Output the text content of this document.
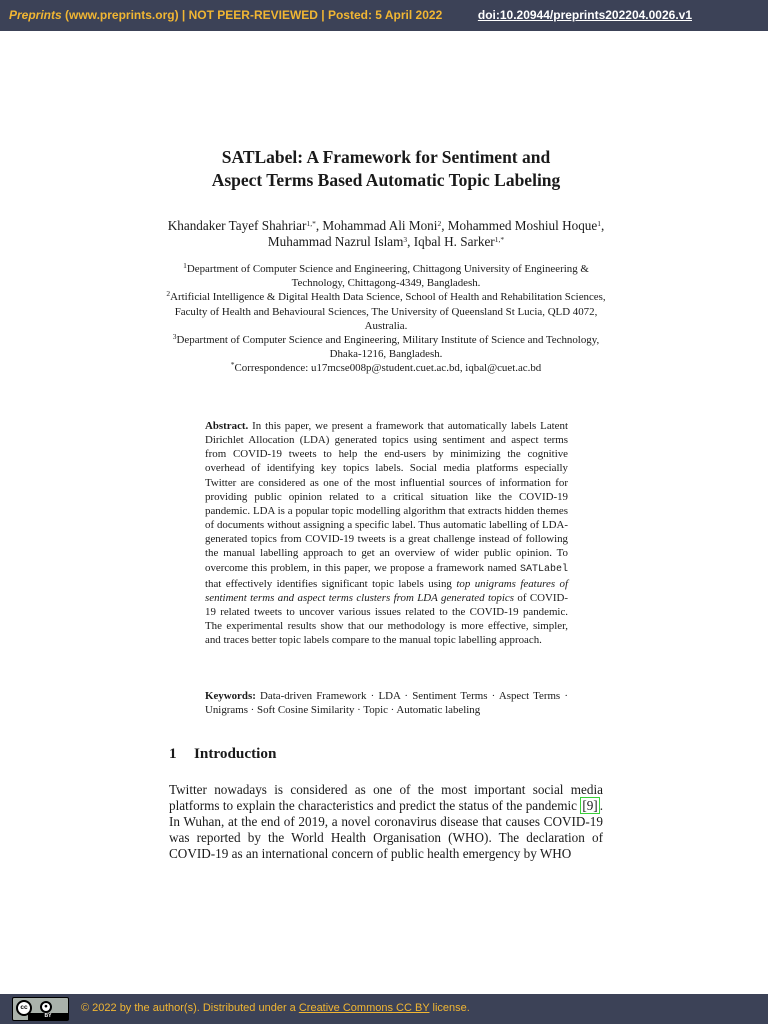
Preprints (www.preprints.org) | NOT PEER-REVIEWED | Posted: 5 April 2022	doi:10.20944/preprints202204.0026.v1
SATLabel: A Framework for Sentiment and
Aspect Terms Based Automatic Topic Labeling
Khandaker Tayef Shahriar$^{1,*}$, Mohammad Ali Moni$^2$, Mohammed Moshiul Hoque$^1$, Muhammad Nazrul Islam$^3$, Iqbal H. Sarker$^{1,*}$
$^1$Department of Computer Science and Engineering, Chittagong University of Engineering & Technology, Chittagong-4349, Bangladesh.
$^2$Artificial Intelligence & Digital Health Data Science, School of Health and Rehabilitation Sciences, Faculty of Health and Behavioural Sciences, The University of Queensland St Lucia, QLD 4072, Australia.
$^3$Department of Computer Science and Engineering, Military Institute of Science and Technology, Dhaka-1216, Bangladesh.
*Correspondence: u17mcse008p@student.cuet.ac.bd, iqbal@cuet.ac.bd
Abstract. In this paper, we present a framework that automatically labels Latent Dirichlet Allocation (LDA) generated topics using sentiment and aspect terms from COVID-19 tweets to help the end-users by minimizing the cognitive overhead of identifying key topics labels. Social media platforms especially Twitter are considered as one of the most influential sources of information for providing public opinion related to a critical situation like the COVID-19 pandemic. LDA is a popular topic modelling algorithm that extracts hidden themes of documents without assigning a specific label. Thus automatic labelling of LDA-generated topics from COVID-19 tweets is a great challenge instead of following the manual labelling approach to get an overview of wider public opinion. To overcome this problem, in this paper, we propose a framework named SATLabel that effectively identifies significant topic labels using top unigrams features of sentiment terms and aspect terms clusters from LDA generated topics of COVID-19 related tweets to uncover various issues related to the COVID-19 pandemic. The experimental results show that our methodology is more effective, simpler, and traces better topic labels compare to the manual topic labelling approach.
Keywords: Data-driven Framework · LDA · Sentiment Terms · Aspect Terms · Unigrams · Soft Cosine Similarity · Topic · Automatic labeling
1 Introduction
Twitter nowadays is considered as one of the most important social media platforms to explain the characteristics and predict the status of the pandemic [9] . In Wuhan, at the end of 2019, a novel coronavirus disease that causes COVID-19 was reported by the World Health Organisation (WHO). The declaration of COVID-19 as an international concern of public health emergency by WHO
cc	●
BY
© 2022 by the author(s). Distributed under a Creative Commons CC BY license.
